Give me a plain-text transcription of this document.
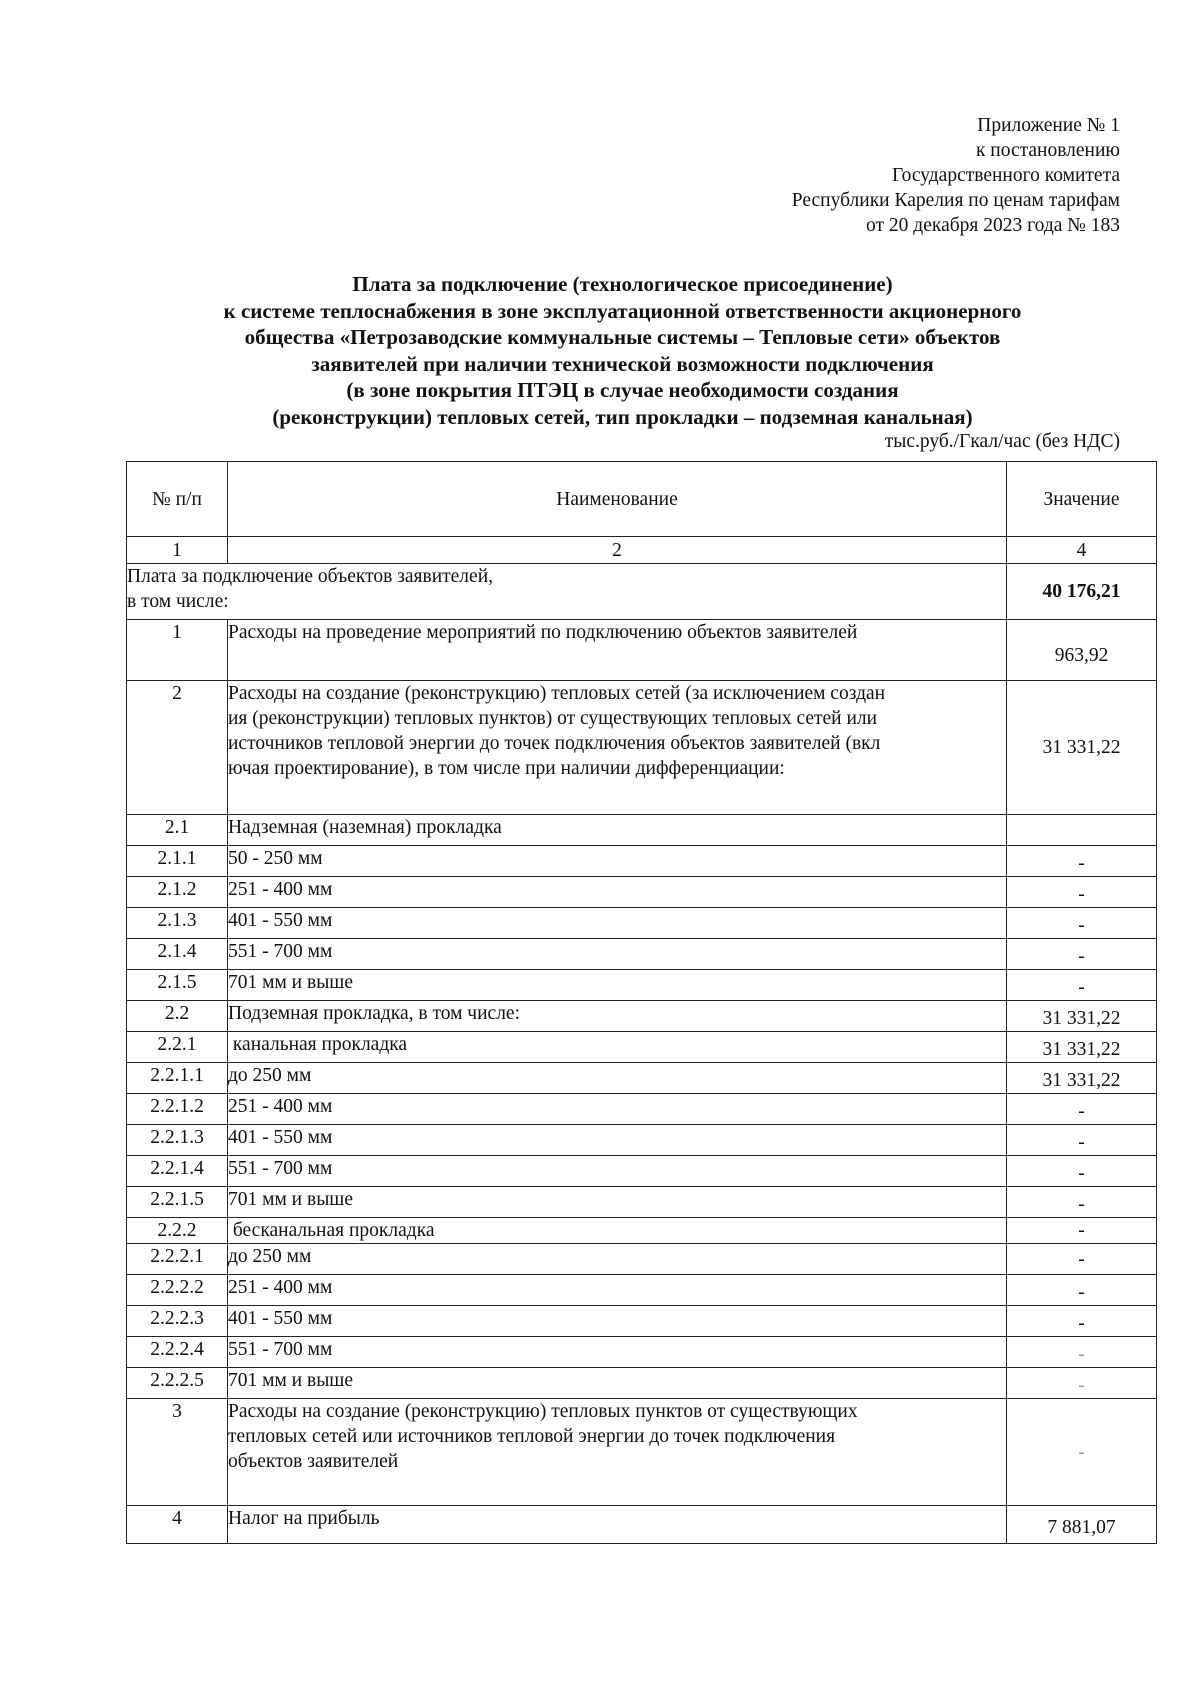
Приложение № 1
к постановлению
Государственного комитета
Республики Карелия по ценам тарифам
от 20 декабря 2023 года № 183
Плата за подключение (технологическое присоединение)
к системе теплоснабжения в зоне эксплуатационной ответственности акционерного
общества «Петрозаводские коммунальные системы – Тепловые сети» объектов
заявителей при наличии технической возможности подключения
(в зоне покрытия ПТЭЦ в случае необходимости создания
(реконструкции) тепловых сетей, тип прокладки – подземная канальная)
тыс.руб./Гкал/час (без НДС)
№ п/п	Наименование	Значение
1	2	4

Плата за подключение объектов заявителей,
в том числе:		40 176,21
1	Расходы на проведение мероприятий по подключению объектов заявителей	963,92
2	Расходы на создание (реконструкцию) тепловых сетей (за исключением создан
ия (реконструкции) тепловых пунктов) от существующих тепловых сетей или
источников тепловой энергии до точек подключения объектов заявителей (вкл
ючая проектирование), в том числе при наличии дифференциации:	31 331,22
2.1	Надземная (наземная) прокладка	
2.1.1	50 - 250 мм	-
2.1.2	251 - 400 мм	-
2.1.3	401 - 550 мм	-
2.1.4	551 - 700 мм	-
2.1.5	701 мм и выше	-
2.2	Подземная прокладка, в том числе:	31 331,22
2.2.1	канальная прокладка	31 331,22
2.2.1.1	до 250 мм	31 331,22
2.2.1.2	251 - 400 мм	-
2.2.1.3	401 - 550 мм	-
2.2.1.4	551 - 700 мм	-
2.2.1.5	701 мм и выше	-
2.2.2	бесканальная прокладка	-
2.2.2.1	до 250 мм	-
2.2.2.2	251 - 400 мм	-
2.2.2.3	401 - 550 мм	-
2.2.2.4	551 - 700 мм	-
2.2.2.5	701 мм и выше	-
3	Расходы на создание (реконструкцию) тепловых пунктов от существующих
тепловых сетей или источников тепловой энергии до точек подключения
объектов заявителей	-
4	Налог на прибыль	7 881,07
